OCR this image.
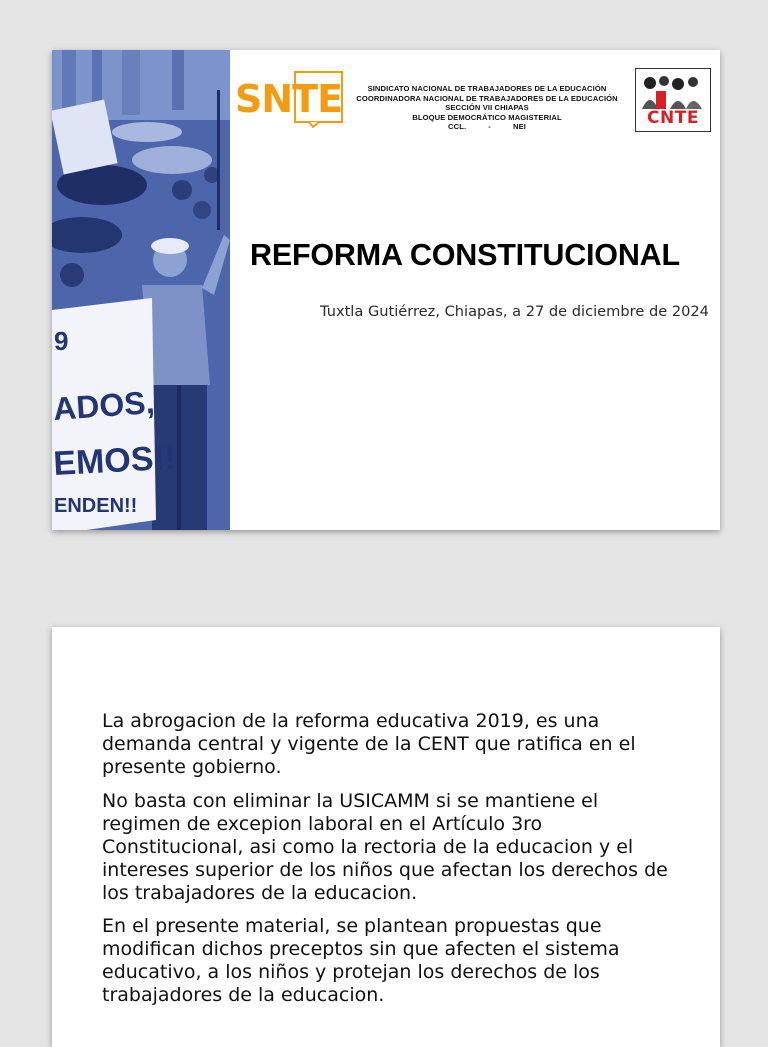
9
ADOS,
EMOS!!
ENDEN!!
SNTE	SINDICATO NACIONAL DE TRABAJADORES DE LA EDUCACIÓN
COORDINADORA NACIONAL DE TRABAJADORES DE LA EDUCACIÓN
SECCIÓN VII CHIAPAS
BLOQUE DEMOCRÁTICO MAGISTERIAL
CCL.          -          NEI	CNTE
REFORMA CONSTITUCIONAL
Tuxtla Gutiérrez, Chiapas, a 27 de diciembre de 2024
La abrogacion de la reforma educativa 2019, es una demanda central y vigente de la CENT que ratifica en el presente gobierno.
No basta con eliminar la USICAMM si se mantiene el regimen de excepion laboral en el Artículo 3ro Constitucional, asi como la rectoria de la educacion y el intereses superior de los niños que afectan los derechos de los trabajadores de la educacion.
En el presente material, se plantean propuestas que modifican dichos preceptos sin que afecten el sistema educativo, a los niños y protejan los derechos de los trabajadores de la educacion.
